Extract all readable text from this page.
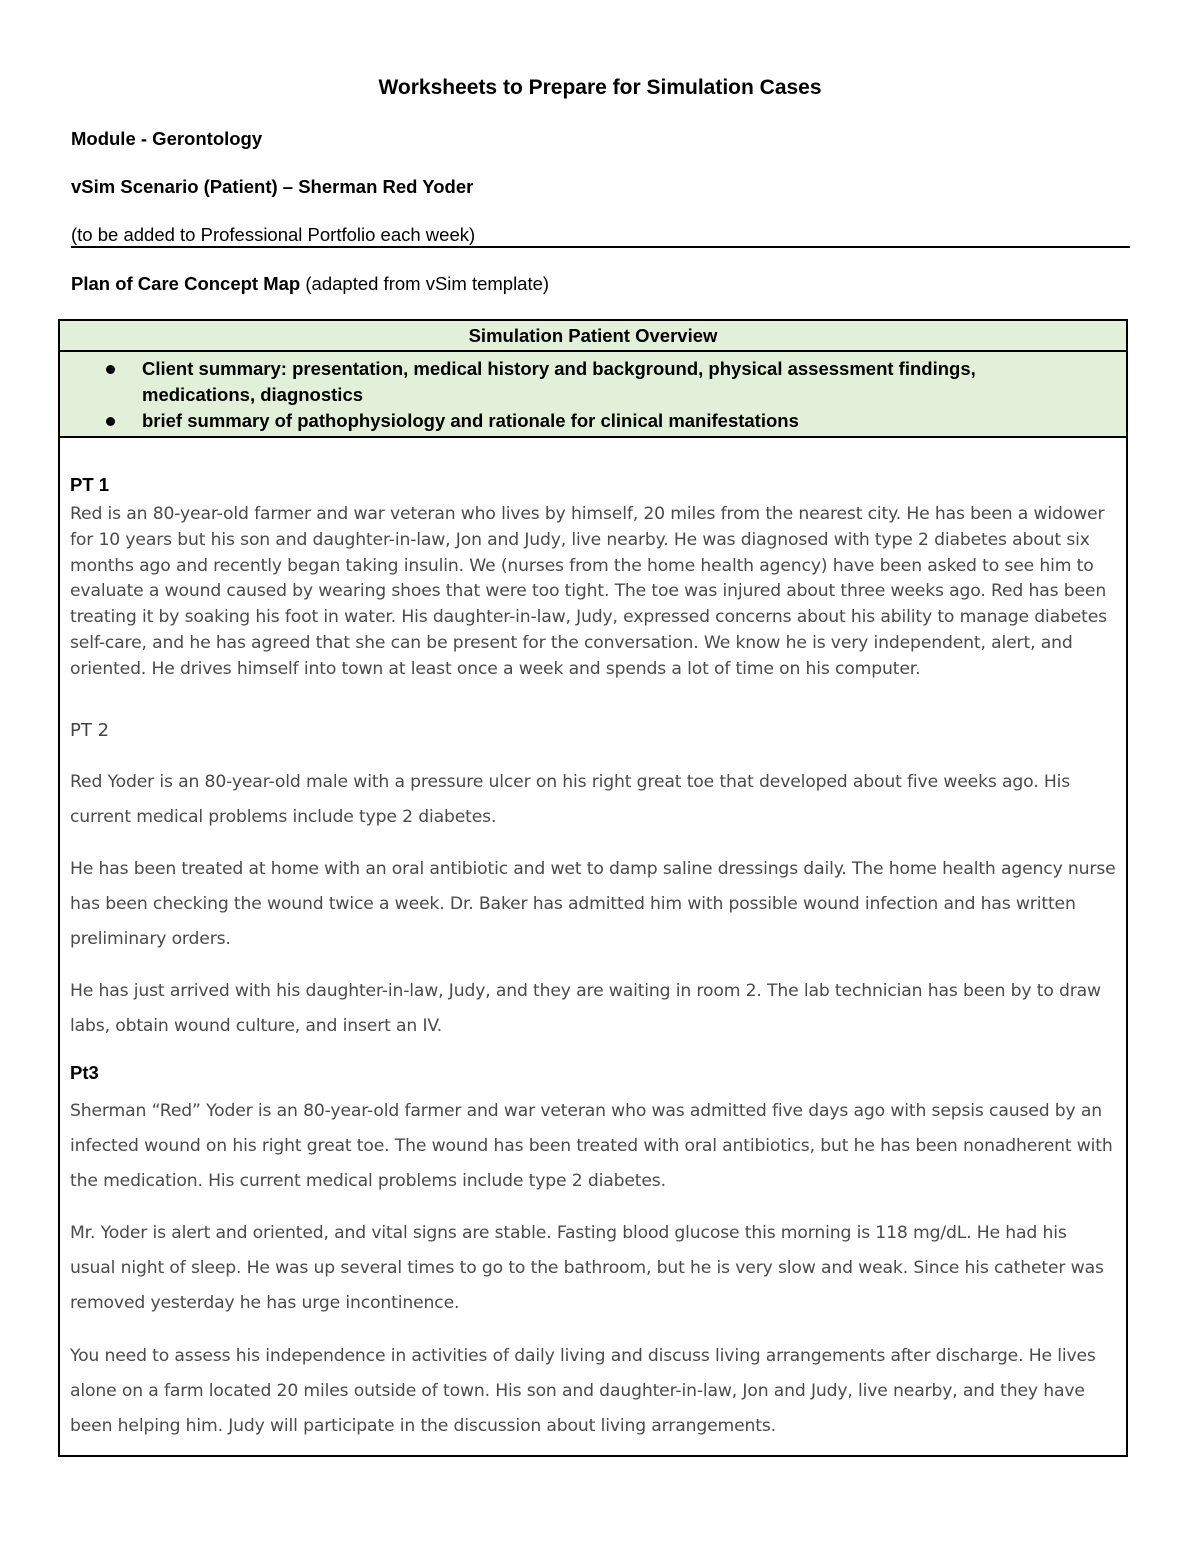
Worksheets to Prepare for Simulation Cases
Module - Gerontology
vSim Scenario (Patient) – Sherman Red Yoder
(to be added to Professional Portfolio each week)
Plan of Care Concept Map (adapted from vSim template)
Simulation Patient Overview
Client summary: presentation, medical history and background, physical assessment findings, medications, diagnostics
brief summary of pathophysiology and rationale for clinical manifestations
PT 1
Red is an 80-year-old farmer and war veteran who lives by himself, 20 miles from the nearest city. He has been a widower for 10 years but his son and daughter-in-law, Jon and Judy, live nearby. He was diagnosed with type 2 diabetes about six months ago and recently began taking insulin. We (nurses from the home health agency) have been asked to see him to evaluate a wound caused by wearing shoes that were too tight. The toe was injured about three weeks ago. Red has been treating it by soaking his foot in water. His daughter-in-law, Judy, expressed concerns about his ability to manage diabetes self-care, and he has agreed that she can be present for the conversation. We know he is very independent, alert, and oriented. He drives himself into town at least once a week and spends a lot of time on his computer.
PT 2
Red Yoder is an 80-year-old male with a pressure ulcer on his right great toe that developed about five weeks ago. His current medical problems include type 2 diabetes.
He has been treated at home with an oral antibiotic and wet to damp saline dressings daily. The home health agency nurse has been checking the wound twice a week. Dr. Baker has admitted him with possible wound infection and has written preliminary orders.
He has just arrived with his daughter-in-law, Judy, and they are waiting in room 2. The lab technician has been by to draw labs, obtain wound culture, and insert an IV.
Pt3
Sherman “Red” Yoder is an 80-year-old farmer and war veteran who was admitted five days ago with sepsis caused by an infected wound on his right great toe. The wound has been treated with oral antibiotics, but he has been nonadherent with the medication. His current medical problems include type 2 diabetes.
Mr. Yoder is alert and oriented, and vital signs are stable. Fasting blood glucose this morning is 118 mg/dL. He had his usual night of sleep. He was up several times to go to the bathroom, but he is very slow and weak. Since his catheter was removed yesterday he has urge incontinence.
You need to assess his independence in activities of daily living and discuss living arrangements after discharge. He lives alone on a farm located 20 miles outside of town. His son and daughter-in-law, Jon and Judy, live nearby, and they have been helping him. Judy will participate in the discussion about living arrangements.
